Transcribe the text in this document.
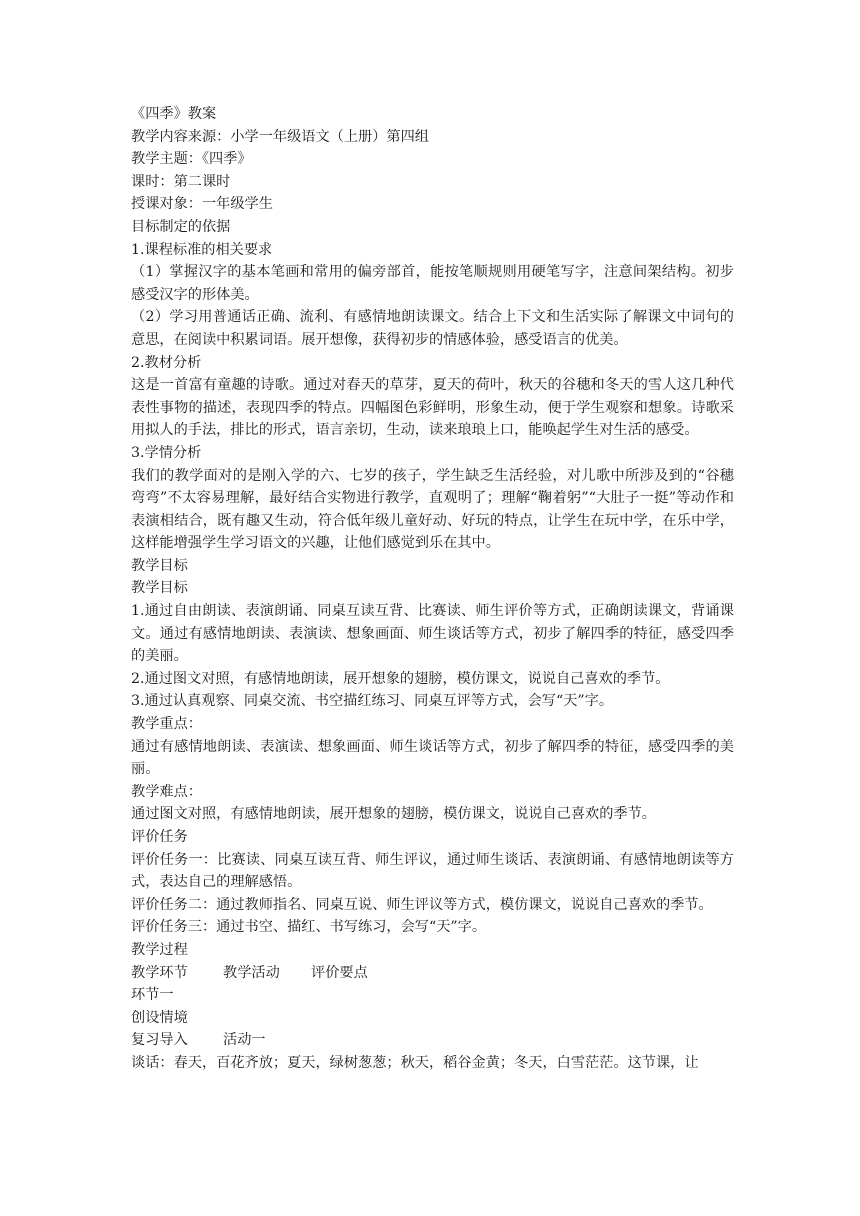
《四季》教案

教学内容来源：小学一年级语文（上册）第四组

教学主题：《四季》

课时：第二课时

授课对象：一年级学生

目标制定的依据

1.课程标准的相关要求

（1）掌握汉字的基本笔画和常用的偏旁部首，能按笔顺规则用硬笔写字，注意间架结构。初步感受汉字的形体美。

（2）学习用普通话正确、流利、有感情地朗读课文。结合上下文和生活实际了解课文中词句的意思，在阅读中积累词语。展开想像，获得初步的情感体验，感受语言的优美。

2.教材分析

这是一首富有童趣的诗歌。通过对春天的草芽，夏天的荷叶，秋天的谷穗和冬天的雪人这几种代表性事物的描述，表现四季的特点。四幅图色彩鲜明，形象生动，便于学生观察和想象。诗歌采用拟人的手法，排比的形式，语言亲切，生动，读来琅琅上口，能唤起学生对生活的感受。

3.学情分析

我们的教学面对的是刚入学的六、七岁的孩子，学生缺乏生活经验，对儿歌中所涉及到的“谷穗弯弯”不太容易理解，最好结合实物进行教学，直观明了；理解“鞠着躬”“大肚子一挺”等动作和表演相结合，既有趣又生动，符合低年级儿童好动、好玩的特点，让学生在玩中学，在乐中学，这样能增强学生学习语文的兴趣，让他们感觉到乐在其中。

教学目标

教学目标

1.通过自由朗读、表演朗诵、同桌互读互背、比赛读、师生评价等方式，正确朗读课文，背诵课文。通过有感情地朗读、表演读、想象画面、师生谈话等方式，初步了解四季的特征，感受四季的美丽。

2.通过图文对照，有感情地朗读，展开想象的翅膀，模仿课文，说说自己喜欢的季节。

3.通过认真观察、同桌交流、书空描红练习、同桌互评等方式，会写“天”字。

教学重点：

通过有感情地朗读、表演读、想象画面、师生谈话等方式，初步了解四季的特征，感受四季的美丽。

教学难点：

通过图文对照，有感情地朗读，展开想象的翅膀，模仿课文，说说自己喜欢的季节。

评价任务

评价任务一：比赛读、同桌互读互背、师生评议，通过师生谈话、表演朗诵、有感情地朗读等方式，表达自己的理解感悟。

评价任务二：通过教师指名、同桌互说、师生评议等方式，模仿课文，说说自己喜欢的季节。

评价任务三：通过书空、描红、书写练习，会写“天”字。

教学过程

教学环节 教学活动 评价要点

环节一

创设情境

复习导入 活动一

谈话：春天，百花齐放；夏天，绿树葱葱；秋天，稻谷金黄；冬天，白雪茫茫。这节课，让
